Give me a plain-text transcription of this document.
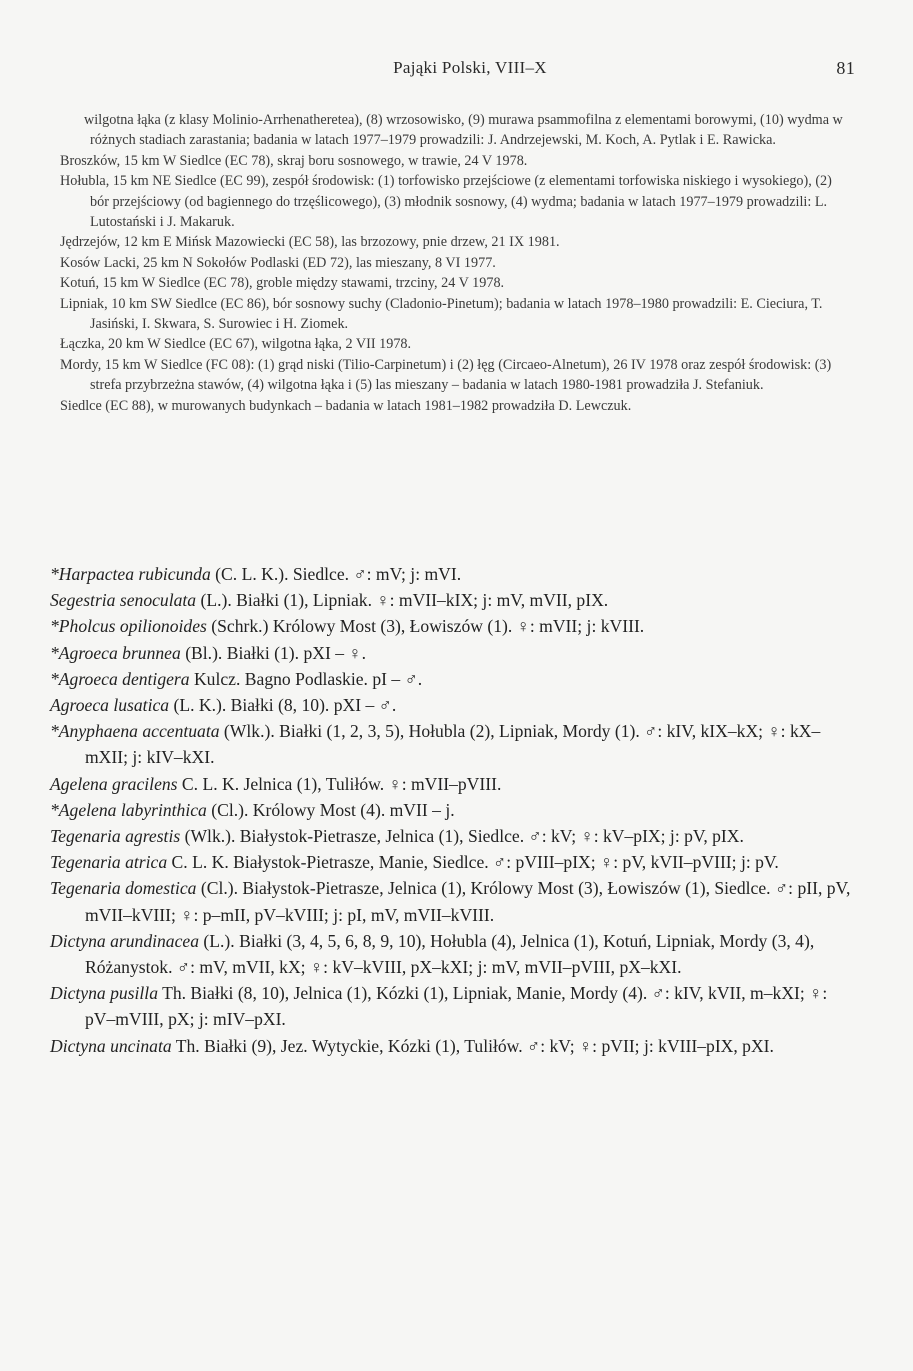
Pająki Polski, VIII–X	81
wilgotna łąka (z klasy Molinio-Arrhenatheretea), (8) wrzosowisko, (9) murawa psammofilna z elementami borowymi, (10) wydma w różnych stadiach zarastania; badania w latach 1977–1979 prowadzili: J. Andrzejewski, M. Koch, A. Pytlak i E. Rawicka.
Broszków, 15 km W Siedlce (EC 78), skraj boru sosnowego, w trawie, 24 V 1978.
Hołubla, 15 km NE Siedlce (EC 99), zespół środowisk: (1) torfowisko przejściowe (z elementami torfowiska niskiego i wysokiego), (2) bór przejściowy (od bagiennego do trzęślicowego), (3) młodnik sosnowy, (4) wydma; badania w latach 1977–1979 prowadzili: L. Lutostański i J. Makaruk.
Jędrzejów, 12 km E Mińsk Mazowiecki (EC 58), las brzozowy, pnie drzew, 21 IX 1981.
Kosów Lacki, 25 km N Sokołów Podlaski (ED 72), las mieszany, 8 VI 1977.
Kotuń, 15 km W Siedlce (EC 78), groble między stawami, trzciny, 24 V 1978.
Lipniak, 10 km SW Siedlce (EC 86), bór sosnowy suchy (Cladonio-Pinetum); badania w latach 1978–1980 prowadzili: E. Cieciura, T. Jasiński, I. Skwara, S. Surowiec i H. Ziomek.
Łączka, 20 km W Siedlce (EC 67), wilgotna łąka, 2 VII 1978.
Mordy, 15 km W Siedlce (FC 08): (1) grąd niski (Tilio-Carpinetum) i (2) łęg (Circaeo-Alnetum), 26 IV 1978 oraz zespół środowisk: (3) strefa przybrzeżna stawów, (4) wilgotna łąka i (5) las mieszany – badania w latach 1980-1981 prowadziła J. Stefaniuk.
Siedlce (EC 88), w murowanych budynkach – badania w latach 1981–1982 prowadziła D. Lewczuk.
*Harpactea rubicunda (C. L. K.). Siedlce. ♂: mV; j: mVI.
Segestria senoculata (L.). Białki (1), Lipniak. ♀: mVII–kIX; j: mV, mVII, pIX.
*Pholcus opilionoides (Schrk.) Królowy Most (3), Łowiszów (1). ♀: mVII; j: kVIII.
*Agroeca brunnea (Bl.). Białki (1). pXI – ♀.
*Agroeca dentigera Kulcz. Bagno Podlaskie. pI – ♂.
Agroeca lusatica (L. K.). Białki (8, 10). pXI – ♂.
*Anyphaena accentuata (Wlk.). Białki (1, 2, 3, 5), Hołubla (2), Lipniak, Mordy (1). ♂: kIV, kIX–kX; ♀: kX–mXII; j: kIV–kXI.
Agelena gracilens C. L. K. Jelnica (1), Tuliłów. ♀: mVII–pVIII.
*Agelena labyrinthica (Cl.). Królowy Most (4). mVII – j.
Tegenaria agrestis (Wlk.). Białystok-Pietrasze, Jelnica (1), Siedlce. ♂: kV; ♀: kV–pIX; j: pV, pIX.
Tegenaria atrica C. L. K. Białystok-Pietrasze, Manie, Siedlce. ♂: pVIII–pIX; ♀: pV, kVII–pVIII; j: pV.
Tegenaria domestica (Cl.). Białystok-Pietrasze, Jelnica (1), Królowy Most (3), Łowiszów (1), Siedlce. ♂: pII, pV, mVII–kVIII; ♀: p–mII, pV–kVIII; j: pI, mV, mVII–kVIII.
Dictyna arundinacea (L.). Białki (3, 4, 5, 6, 8, 9, 10), Hołubla (4), Jelnica (1), Kotuń, Lipniak, Mordy (3, 4), Różanystok. ♂: mV, mVII, kX; ♀: kV–kVIII, pX–kXI; j: mV, mVII–pVIII, pX–kXI.
Dictyna pusilla Th. Białki (8, 10), Jelnica (1), Kózki (1), Lipniak, Manie, Mordy (4). ♂: kIV, kVII, m–kXI; ♀: pV–mVIII, pX; j: mIV–pXI.
Dictyna uncinata Th. Białki (9), Jez. Wytyckie, Kózki (1), Tuliłów. ♂: kV; ♀: pVII; j: kVIII–pIX, pXI.
